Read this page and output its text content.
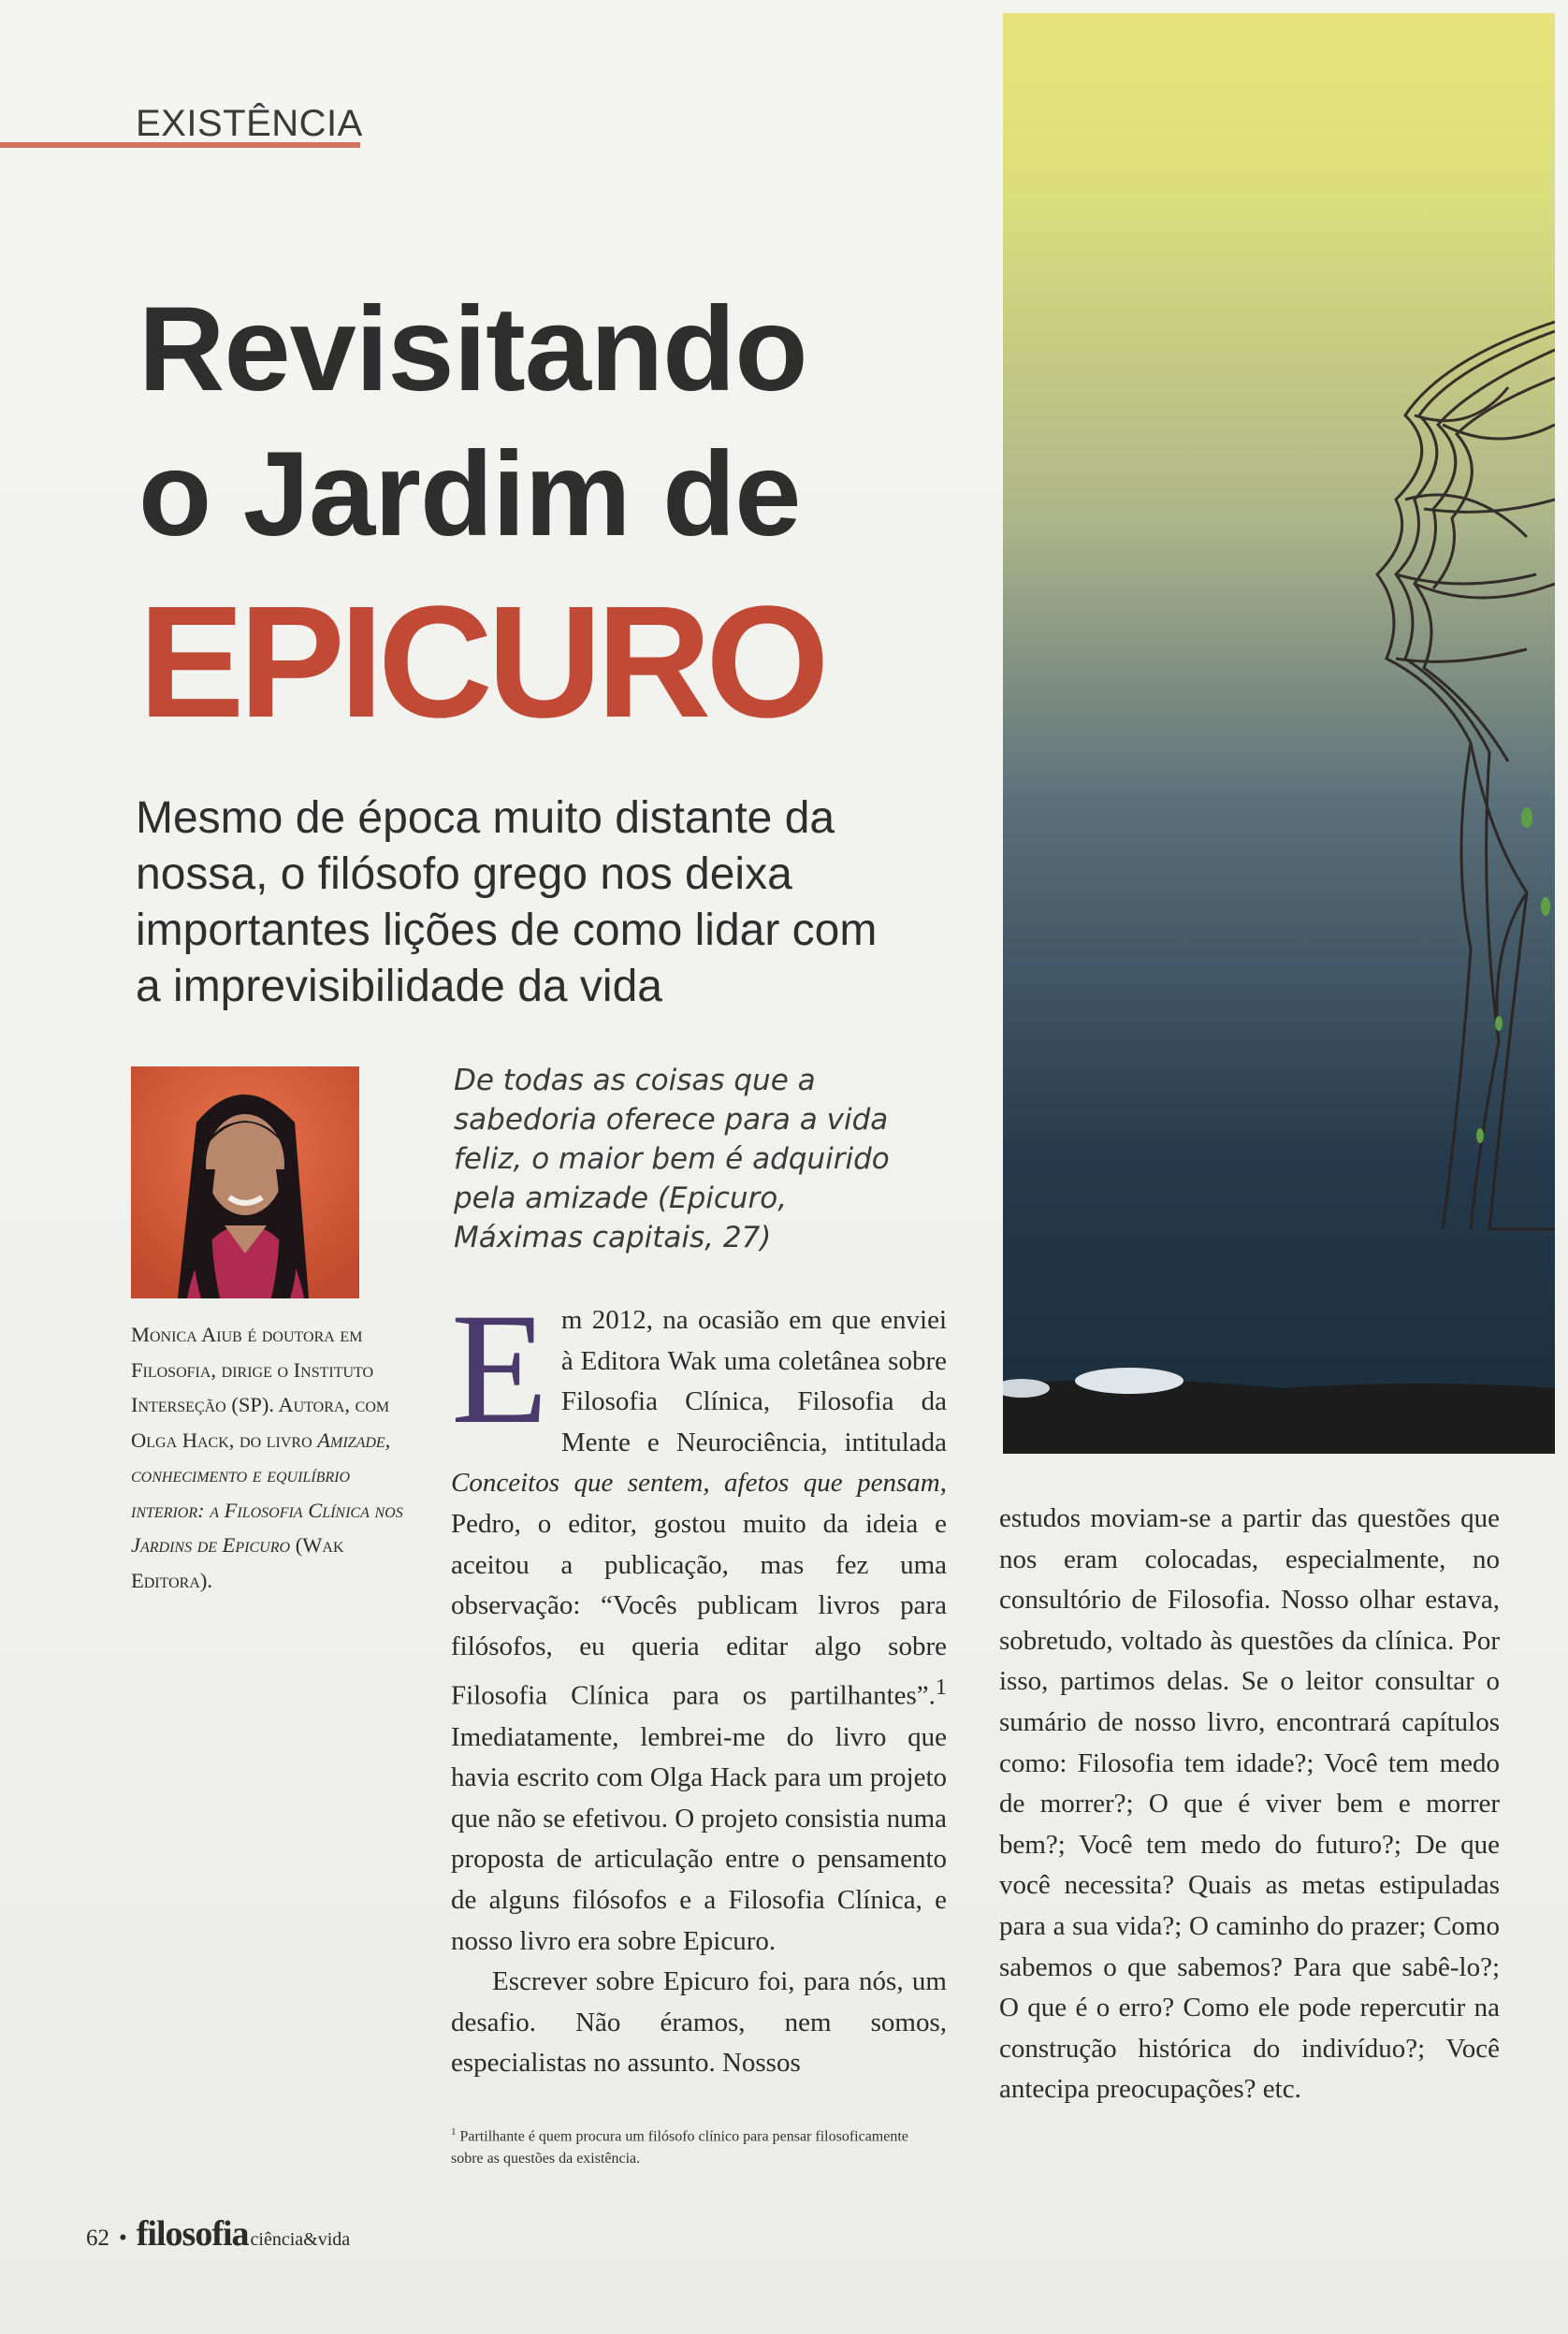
EXISTÊNCIA
Revisitando
o Jardim de
EPICURO
Mesmo de época muito distante da nossa, o filósofo grego nos deixa importantes lições de como lidar com a imprevisibilidade da vida
Monica Aiub é doutora em Filosofia, dirige o Instituto Interseção (SP). Autora, com Olga Hack, do livro Amizade, conhecimento e equilíbrio interior: a Filosofia Clínica nos Jardins de Epicuro (Wak Editora).
De todas as coisas que a sabedoria oferece para a vida feliz, o maior bem é adquirido pela amizade (Epicuro, Máximas capitais, 27)
Em 2012, na ocasião em que enviei à Editora Wak uma coletânea sobre Filosofia Clínica, Filosofia da Mente e Neurociência, intitulada Conceitos que sentem, afetos que pensam, Pedro, o editor, gostou muito da ideia e aceitou a publicação, mas fez uma observação: “Vocês publicam livros para filósofos, eu queria editar algo sobre Filosofia Clínica para os partilhantes”.$^1$ Imediatamente, lembrei-me do livro que havia escrito com Olga Hack para um projeto que não se efetivou. O projeto consistia numa proposta de articulação entre o pensamento de alguns filósofos e a Filosofia Clínica, e nosso livro era sobre Epicuro.
Escrever sobre Epicuro foi, para nós, um desafio. Não éramos, nem somos, especialistas no assunto. Nossos
$^1$ Partilhante é quem procura um filósofo clínico para pensar filosoficamente sobre as questões da existência.
estudos moviam-se a partir das questões que nos eram colocadas, especialmente, no consultório de Filosofia. Nosso olhar estava, sobretudo, voltado às questões da clínica. Por isso, partimos delas. Se o leitor consultar o sumário de nosso livro, encontrará capítulos como: Filosofia tem idade?; Você tem medo de morrer?; O que é viver bem e morrer bem?; Você tem medo do futuro?; De que você necessita? Quais as metas estipuladas para a sua vida?; O caminho do prazer; Como sabemos o que sabemos? Para que sabê-lo?; O que é o erro? Como ele pode repercutir na construção histórica do indivíduo?; Você antecipa preocupações? etc.
62 • filosofia ciência&vida
